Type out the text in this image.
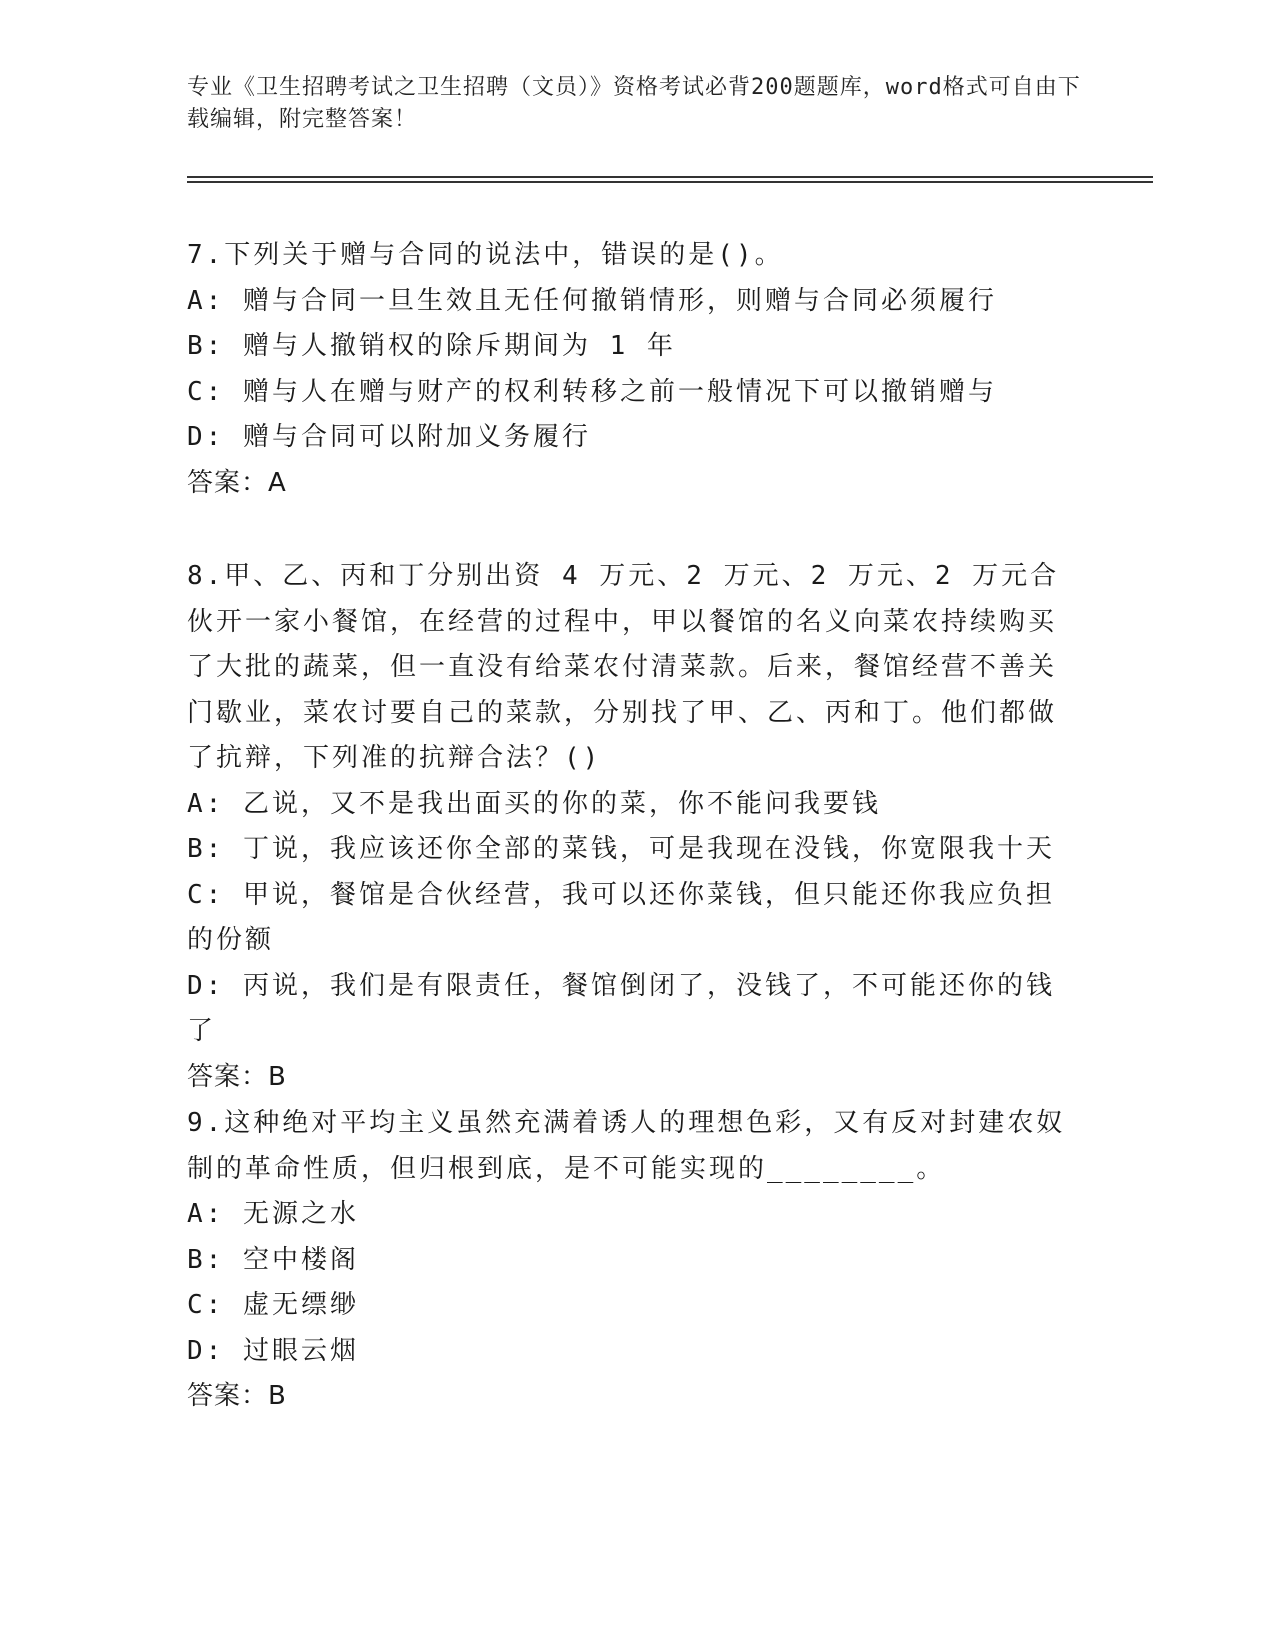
专业《卫生招聘考试之卫生招聘（文员）》资格考试必背200题题库，word格式可自由下载编辑，附完整答案！
7.下列关于赠与合同的说法中，错误的是()。
A: 赠与合同一旦生效且无任何撤销情形，则赠与合同必须履行
B: 赠与人撤销权的除斥期间为 1 年
C: 赠与人在赠与财产的权利转移之前一般情况下可以撤销赠与
D: 赠与合同可以附加义务履行
答案：A
8.甲、乙、丙和丁分别出资 4 万元、2 万元、2 万元、2 万元合伙开一家小餐馆，在经营的过程中，甲以餐馆的名义向菜农持续购买了大批的蔬菜，但一直没有给菜农付清菜款。后来，餐馆经营不善关门歇业，菜农讨要自己的菜款，分别找了甲、乙、丙和丁。他们都做了抗辩，下列准的抗辩合法？()
A: 乙说，又不是我出面买的你的菜，你不能问我要钱
B: 丁说，我应该还你全部的菜钱，可是我现在没钱，你宽限我十天
C: 甲说，餐馆是合伙经营，我可以还你菜钱，但只能还你我应负担的份额
D: 丙说，我们是有限责任，餐馆倒闭了，没钱了，不可能还你的钱了
答案：B
9.这种绝对平均主义虽然充满着诱人的理想色彩，又有反对封建农奴制的革命性质，但归根到底，是不可能实现的________。
A: 无源之水
B: 空中楼阁
C: 虚无缥缈
D: 过眼云烟
答案：B
